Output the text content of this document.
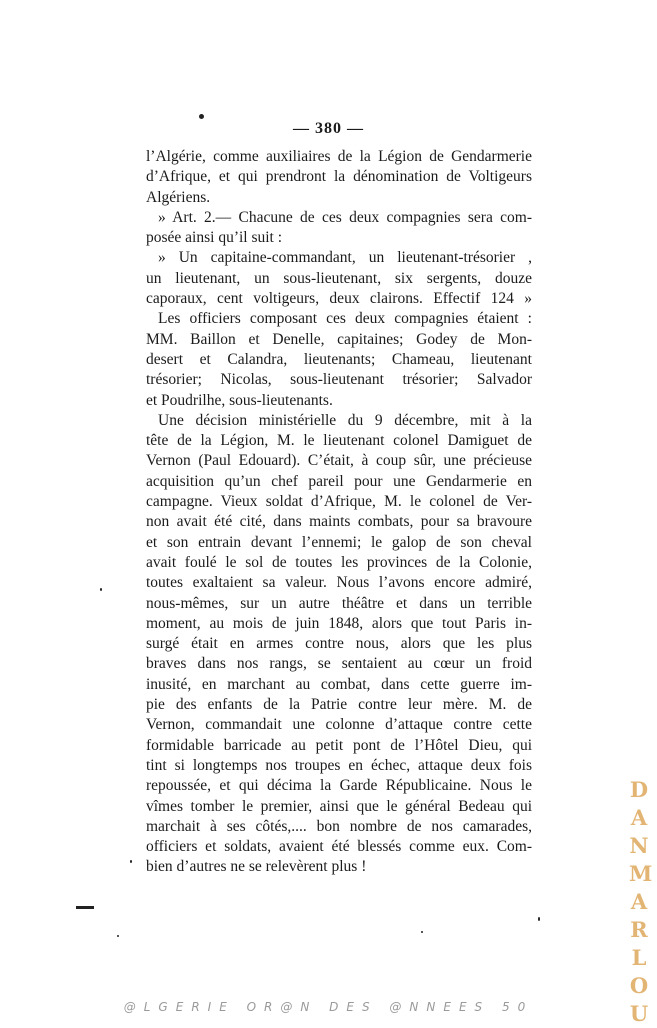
— 380 —
l’Algérie, comme auxiliaires de la Légion de Gendarmerie
d’Afrique, et qui prendront la dénomination de Voltigeurs
Algériens.
» Art. 2.— Chacune de ces deux compagnies sera com-
posée ainsi qu’il suit :
» Un capitaine-commandant, un lieutenant-trésorier ,
un lieutenant, un sous-lieutenant, six sergents, douze
caporaux, cent voltigeurs, deux clairons. Effectif 124 »
Les officiers composant ces deux compagnies étaient :
MM. Baillon et Denelle, capitaines; Godey de Mon-
desert et Calandra, lieutenants; Chameau, lieutenant
trésorier; Nicolas, sous-lieutenant trésorier; Salvador
et Poudrilhe, sous-lieutenants.
Une décision ministérielle du 9 décembre, mit à la
tête de la Légion, M. le lieutenant colonel Damiguet de
Vernon (Paul Edouard). C’était, à coup sûr, une précieuse
acquisition qu’un chef pareil pour une Gendarmerie en
campagne. Vieux soldat d’Afrique, M. le colonel de Ver-
non avait été cité, dans maints combats, pour sa bravoure
et son entrain devant l’ennemi; le galop de son cheval
avait foulé le sol de toutes les provinces de la Colonie,
toutes exaltaient sa valeur. Nous l’avons encore admiré,
nous-mêmes, sur un autre théâtre et dans un terrible
moment, au mois de juin 1848, alors que tout Paris in-
surgé était en armes contre nous, alors que les plus
braves dans nos rangs, se sentaient au cœur un froid
inusité, en marchant au combat, dans cette guerre im-
pie des enfants de la Patrie contre leur mère. M. de
Vernon, commandait une colonne d’attaque contre cette
formidable barricade au petit pont de l’Hôtel Dieu, qui
tint si longtemps nos troupes en échec, attaque deux fois
repoussée, et qui décima la Garde Républicaine. Nous le
vîmes tomber le premier, ainsi que le général Bedeau qui
marchait à ses côtés,.... bon nombre de nos camarades,
officiers et soldats, avaient été blessés comme eux. Com-
bien d’autres ne se relevèrent plus !
D
A
N
M
A
R
L
O
U
@LGERIE OR@N DES @NNEES 50
